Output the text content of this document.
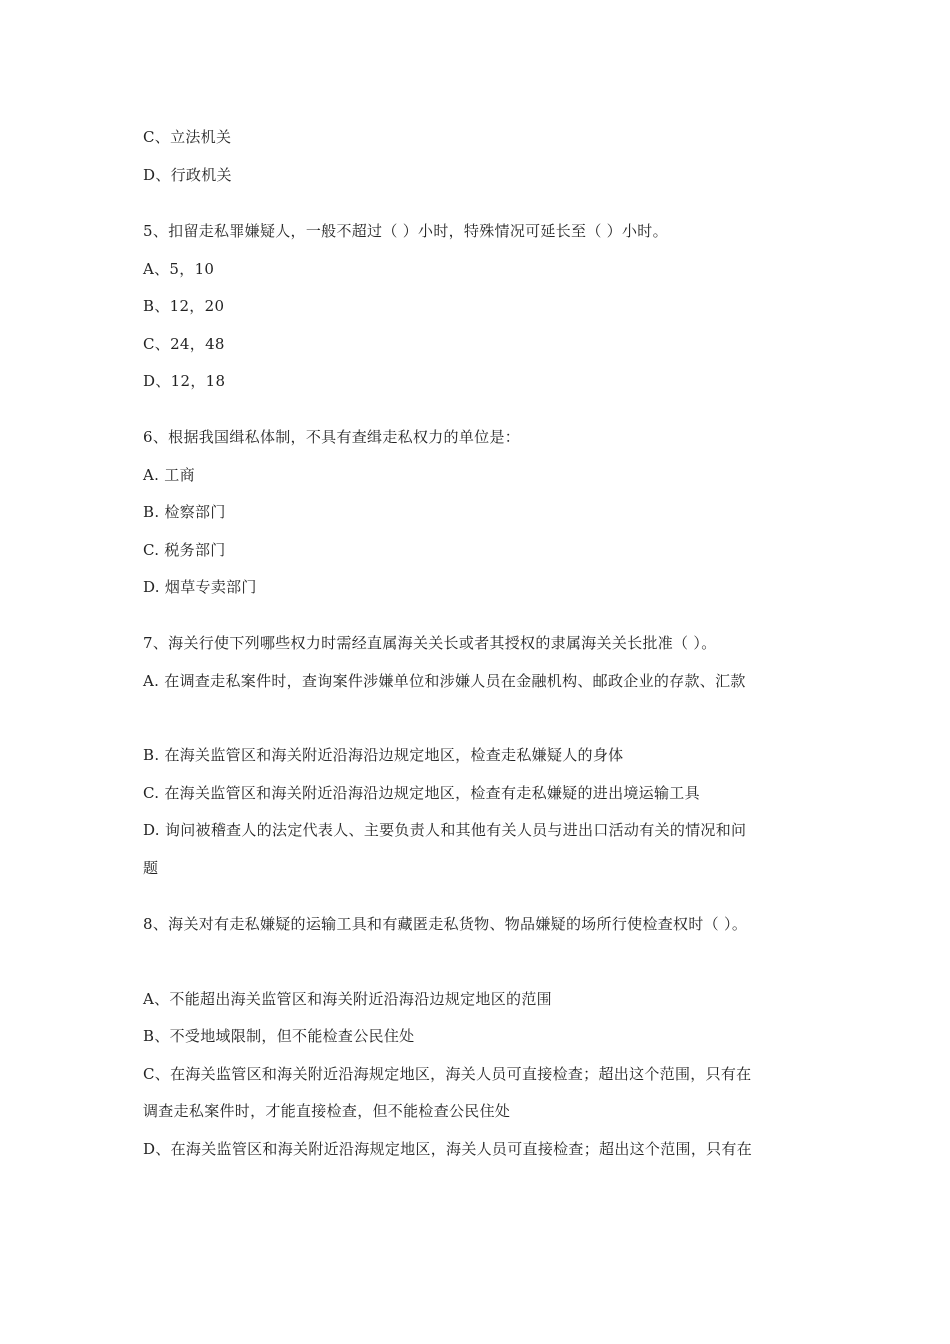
C、立法机关
D、行政机关
5、扣留走私罪嫌疑人，一般不超过（ ）小时，特殊情况可延长至（ ）小时。
A、5，10
B、12，20
C、24，48
D、12，18
6、根据我国缉私体制，不具有查缉走私权力的单位是：
A. 工商
B. 检察部门
C. 税务部门
D. 烟草专卖部门
7、海关行使下列哪些权力时需经直属海关关长或者其授权的隶属海关关长批准（ ）。
A. 在调查走私案件时，查询案件涉嫌单位和涉嫌人员在金融机构、邮政企业的存款、汇款
B. 在海关监管区和海关附近沿海沿边规定地区，检查走私嫌疑人的身体
C. 在海关监管区和海关附近沿海沿边规定地区，检查有走私嫌疑的进出境运输工具
D. 询问被稽查人的法定代表人、主要负责人和其他有关人员与进出口活动有关的情况和问
题
8、海关对有走私嫌疑的运输工具和有藏匿走私货物、物品嫌疑的场所行使检查权时（ ）。
A、不能超出海关监管区和海关附近沿海沿边规定地区的范围
B、不受地域限制，但不能检查公民住处
C、在海关监管区和海关附近沿海规定地区，海关人员可直接检查；超出这个范围，只有在
调查走私案件时，才能直接检查，但不能检查公民住处
D、在海关监管区和海关附近沿海规定地区，海关人员可直接检查；超出这个范围，只有在
